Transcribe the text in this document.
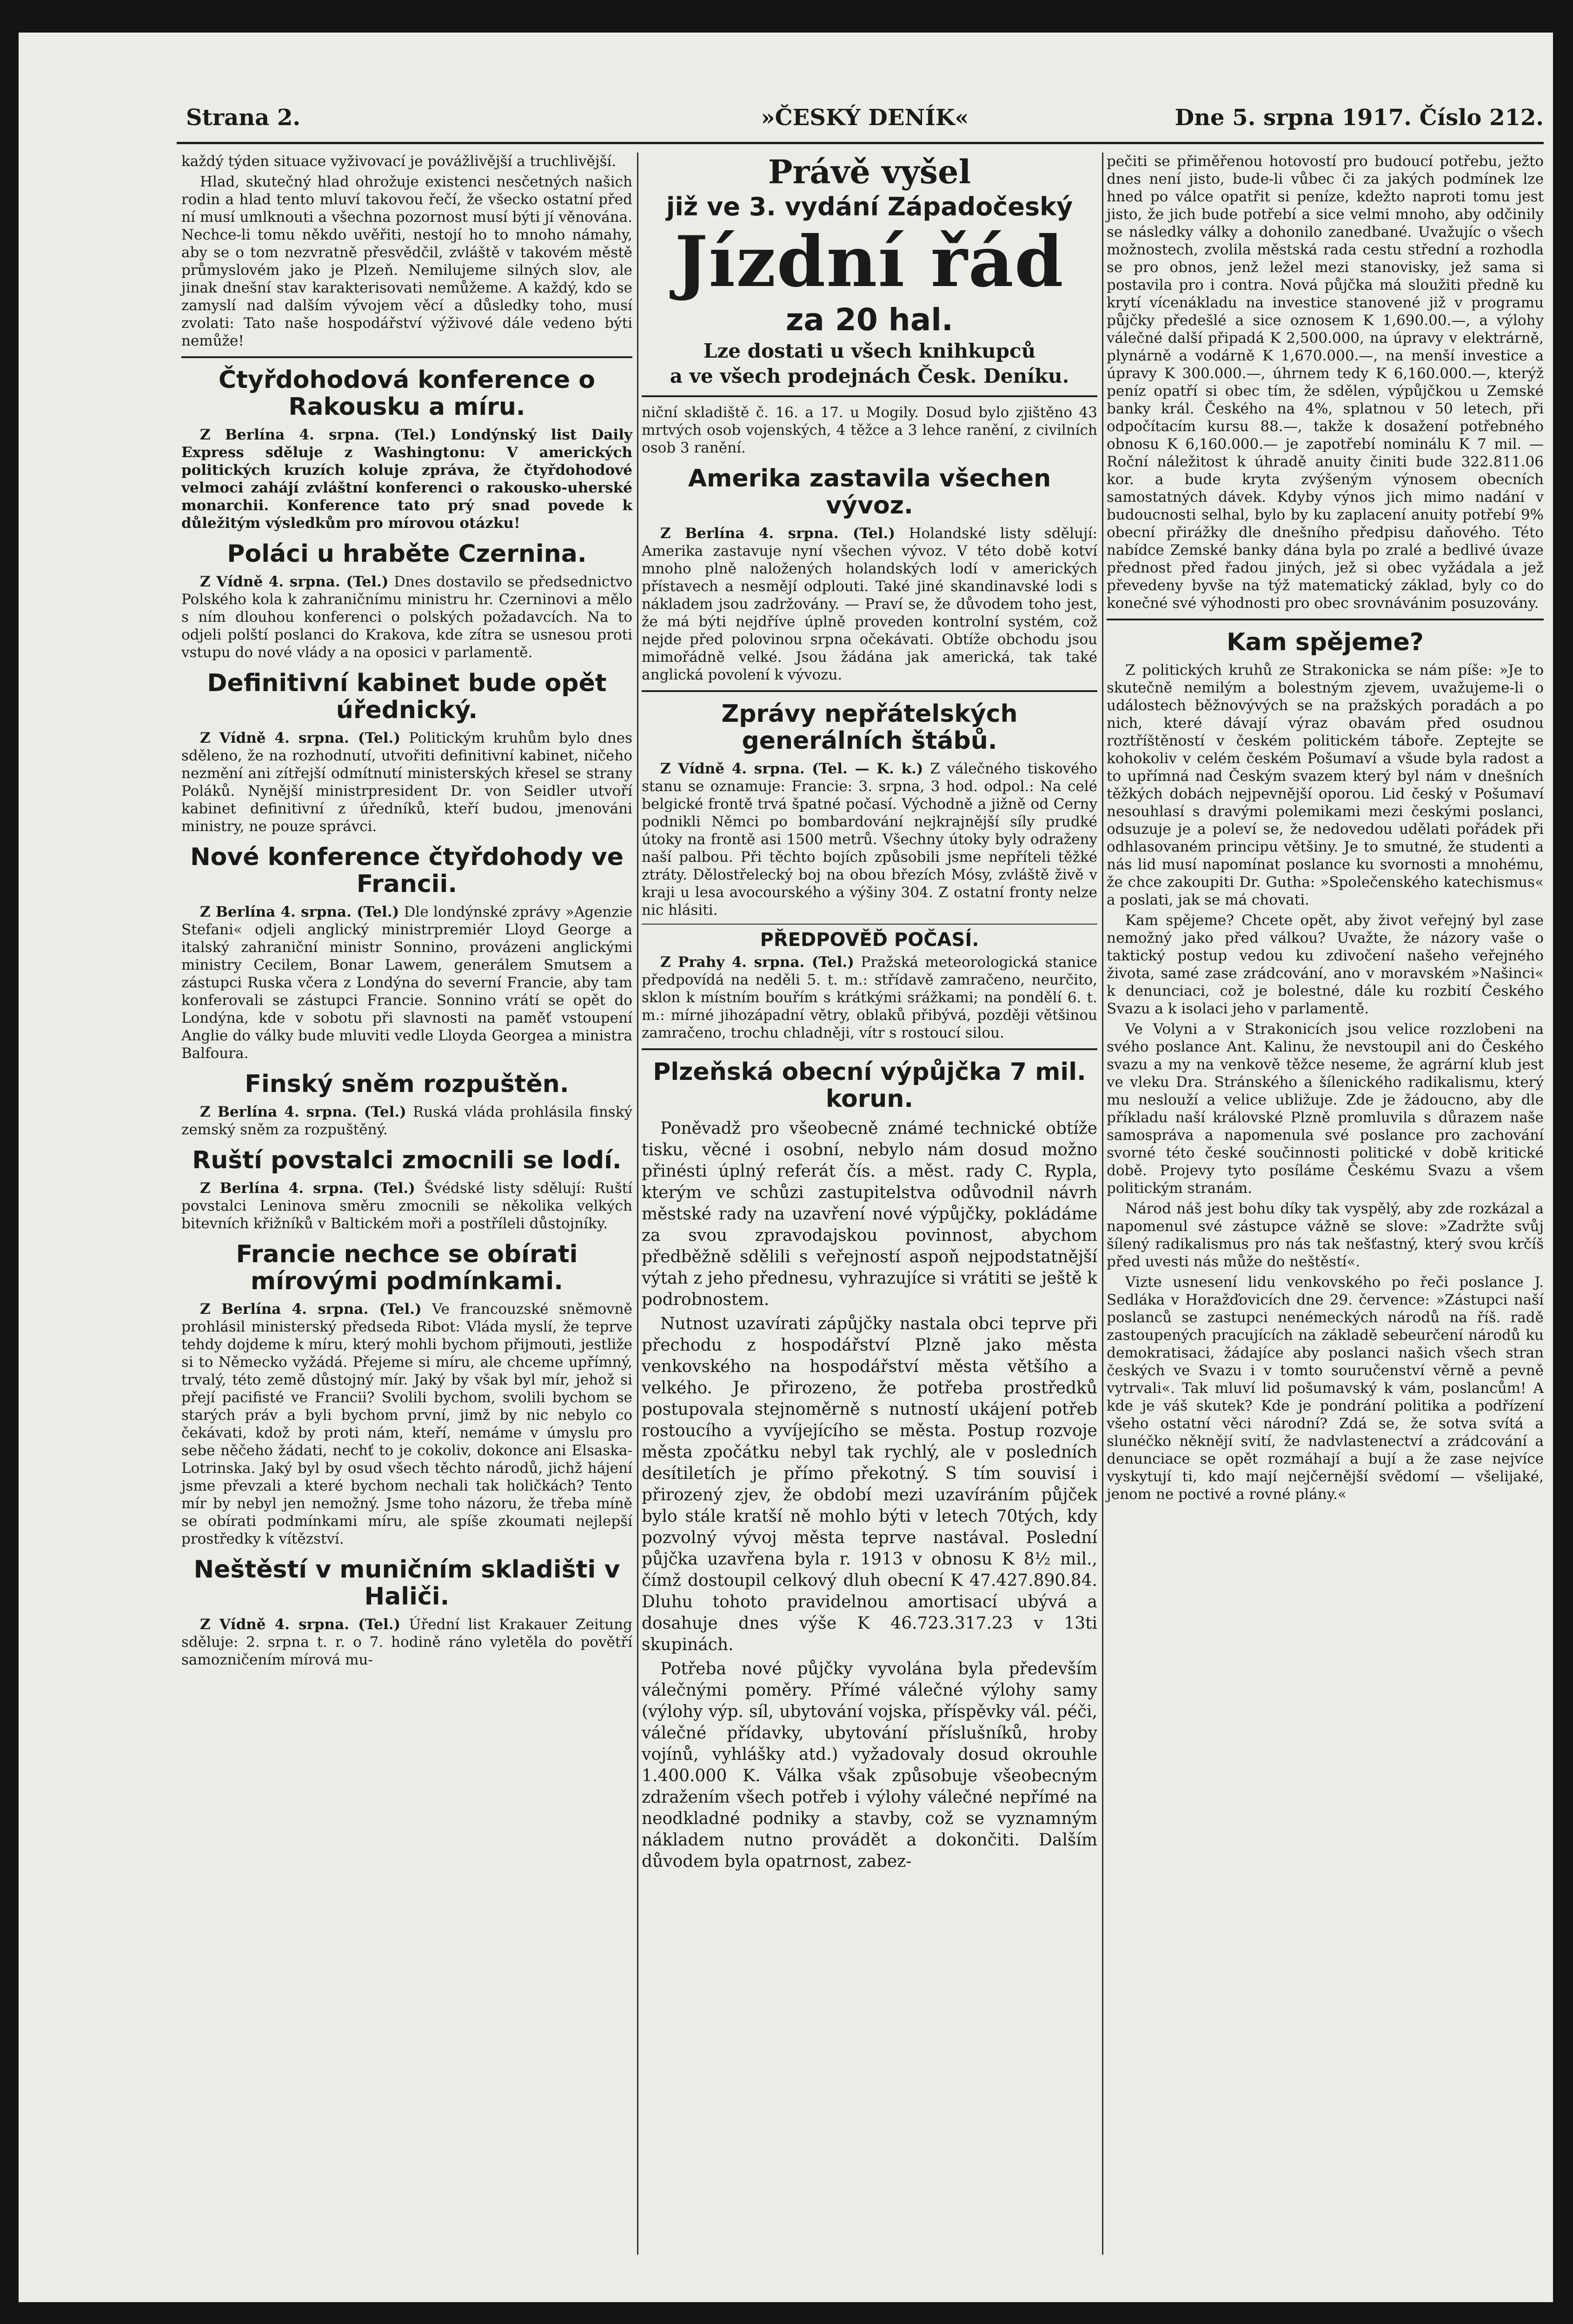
Strana 2.	»ČESKÝ DENÍK«	Dne 5. srpna 1917. Číslo 212.

každý týden situace vyživovací je povážlivější a truchlivější.

Hlad, skutečný hlad ohrožuje existenci nesčetných našich rodin a hlad tento mluví takovou řečí, že všecko ostatní před ní musí umlknouti a všechna pozornost musí býti jí věnována. Nechce-li tomu někdo uvěřiti, nestojí ho to mnoho námahy, aby se o tom nezvratně přesvědčil, zvláště v takovém městě průmyslovém jako je Plzeň. Nemilujeme silných slov, ale jinak dnešní stav karakterisovati nemůžeme. A každý, kdo se zamyslí nad dalším vývojem věcí a důsledky toho, musí zvolati: Tato naše hospodářství výživové dále vedeno býti nemůže!

Čtyřdohodová konference o Rakousku a míru.

Z Berlína 4. srpna. (Tel.) Londýnský list Daily Express sděluje z Washingtonu: V amerických politických kruzích koluje zpráva, že čtyřdohodové velmoci zahájí zvláštní konferenci o rakousko-uherské monarchii. Konference tato prý snad povede k důležitým výsledkům pro mírovou otázku!

Poláci u hraběte Czernina.

Z Vídně 4. srpna. (Tel.) Dnes dostavilo se předsednictvo Polského kola k zahraničnímu ministru hr. Czerninovi a mělo s ním dlouhou konferenci o polských požadavcích. Na to odjeli polští poslanci do Krakova, kde zítra se usnesou proti vstupu do nové vlády a na oposici v parlamentě.

Definitivní kabinet bude opět úřednický.

Z Vídně 4. srpna. (Tel.) Politickým kruhům bylo dnes sděleno, že na rozhodnutí, utvořiti definitivní kabinet, ničeho nezmění ani zítřejší odmítnutí ministerských křesel se strany Poláků. Nynější ministrpresident Dr. von Seidler utvoří kabinet definitivní z úředníků, kteří budou, jmenováni ministry, ne pouze správci.

Nové konference čtyřdohody ve Francii.

Z Berlína 4. srpna. (Tel.) Dle londýnské zprávy »Agenzie Stefani« odjeli anglický ministrpremiér Lloyd George a italský zahraniční ministr Sonnino, provázeni anglickými ministry Cecilem, Bonar Lawem, generálem Smutsem a zástupci Ruska včera z Londýna do severní Francie, aby tam konferovali se zástupci Francie. Sonnino vrátí se opět do Londýna, kde v sobotu při slavnosti na paměť vstoupení Anglie do války bude mluviti vedle Lloyda Georgea a ministra Balfoura.

Finský sněm rozpuštěn.

Z Berlína 4. srpna. (Tel.) Ruská vláda prohlásila finský zemský sněm za rozpuštěný.

Ruští povstalci zmocnili se lodí.

Z Berlína 4. srpna. (Tel.) Švédské listy sdělují: Ruští povstalci Leninova směru zmocnili se několika velkých bitevních křižníků v Baltickém moři a postříleli důstojníky.

Francie nechce se obírati mírovými podmínkami.

Z Berlína 4. srpna. (Tel.) Ve francouzské sněmovně prohlásil ministerský předseda Ribot: Vláda myslí, že teprve tehdy dojdeme k míru, který mohli bychom přijmouti, jestliže si to Německo vyžádá. Přejeme si míru, ale chceme upřímný, trvalý, této země důstojný mír. Jaký by však byl mír, jehož si přejí pacifisté ve Francii? Svolili bychom, svolili bychom se starých práv a byli bychom první, jimž by nic nebylo co čekávati, kdož by proti nám, kteří, nemáme v úmyslu pro sebe něčeho žádati, nechť to je cokoliv, dokonce ani Elsaska-Lotrinska. Jaký byl by osud všech těchto národů, jichž hájení jsme převzali a které bychom nechali tak holičkách? Tento mír by nebyl jen nemožný. Jsme toho názoru, že třeba míně se obírati podmínkami míru, ale spíše zkoumati nejlepší prostředky k vítězství.

Neštěstí v muničním skladišti v Haliči.

Z Vídně 4. srpna. (Tel.) Úřední list Krakauer Zeitung sděluje: 2. srpna t. r. o 7. hodině ráno vyletěla do povětří samozničením mírová mu-

Právě vyšel
již ve 3. vydání Západočeský
Jízdní řád
za 20 hal.
Lze dostati u všech knihkupců
a ve všech prodejnách Česk. Deníku.

niční skladiště č. 16. a 17. u Mogily. Dosud bylo zjištěno 43 mrtvých osob vojenských, 4 těžce a 3 lehce ranění, z civilních osob 3 ranění.

Amerika zastavila všechen vývoz.

Z Berlína 4. srpna. (Tel.) Holandské listy sdělují: Amerika zastavuje nyní všechen vývoz. V této době kotví mnoho plně naložených holandských lodí v amerických přístavech a nesmějí odplouti. Také jiné skandinavské lodi s nákladem jsou zadržovány. — Praví se, že důvodem toho jest, že má býti nejdříve úplně proveden kontrolní systém, což nejde před polovinou srpna očekávati. Obtíže obchodu jsou mimořádně velké. Jsou žádána jak americká, tak také anglická povolení k vývozu.

Zprávy nepřátelských generálních štábů.

Z Vídně 4. srpna. (Tel. — K. k.) Z válečného tiskového stanu se oznamuje: Francie: 3. srpna, 3 hod. odpol.: Na celé belgické frontě trvá špatné počasí. Východně a jižně od Cerny podnikli Němci po bombardování nejkrajnější síly prudké útoky na frontě asi 1500 metrů. Všechny útoky byly odraženy naší palbou. Při těchto bojích způsobili jsme nepříteli těžké ztráty. Dělostřelecký boj na obou březích Mósy, zvláště živě v kraji u lesa avocourského a výšiny 304. Z ostatní fronty nelze nic hlásiti.

PŘEDPOVĚĎ POČASÍ.

Z Prahy 4. srpna. (Tel.) Pražská meteorologická stanice předpovídá na neděli 5. t. m.: střídavě zamračeno, neurčito, sklon k místním bouřím s krátkými srážkami; na pondělí 6. t. m.: mírné jihozápadní větry, oblaků přibývá, později většinou zamračeno, trochu chladněji, vítr s rostoucí silou.

Plzeňská obecní výpůjčka 7 mil. korun.

Poněvadž pro všeobecně známé technické obtíže tisku, věcné i osobní, nebylo nám dosud možno přinésti úplný referát čís. a měst. rady C. Rypla, kterým ve schůzi zastupitelstva odůvodnil návrh městské rady na uzavření nové výpůjčky, pokládáme za svou zpravodajskou povinnost, abychom předběžně sdělili s veřejností aspoň nejpodstatnější výtah z jeho přednesu, vyhrazujíce si vrátiti se ještě k podrobnostem.

Nutnost uzavírati zápůjčky nastala obci teprve při přechodu z hospodářství Plzně jako města venkovského na hospodářství města většího a velkého. Je přirozeno, že potřeba prostředků postupovala stejnoměrně s nutností ukájení potřeb rostoucího a vyvíjejícího se města. Postup rozvoje města zpočátku nebyl tak rychlý, ale v posledních desítiletích je přímo překotný. S tím souvisí i přirozený zjev, že období mezi uzavíráním půjček bylo stále kratší ně mohlo býti v letech 70tých, kdy pozvolný vývoj města teprve nastával. Poslední půjčka uzavřena byla r. 1913 v obnosu K 8½ mil., čímž dostoupil celkový dluh obecní K 47.427.890.84. Dluhu tohoto pravidelnou amortisací ubývá a dosahuje dnes výše K 46.723.317.23 v 13ti skupinách.

Potřeba nové půjčky vyvolána byla především válečnými poměry. Přímé válečné výlohy samy (výlohy výp. síl, ubytování vojska, příspěvky vál. péči, válečné přídavky, ubytování příslušníků, hroby vojínů, vyhlášky atd.) vyžadovaly dosud okrouhle 1.400.000 K. Válka však způsobuje všeobecným zdražením všech potřeb i výlohy válečné nepřímé na neodkladné podniky a stavby, což se vyznamným nákladem nutno provádět a dokončiti. Dalším důvodem byla opatrnost, zabez-

pečiti se přiměřenou hotovostí pro budoucí potřebu, ježto dnes není jisto, bude-li vůbec či za jakých podmínek lze hned po válce opatřit si peníze, kdežto naproti tomu jest jisto, že jich bude potřebí a sice velmi mnoho, aby odčinily se následky války a dohonilo zanedbané. Uvažujíc o všech možnostech, zvolila městská rada cestu střední a rozhodla se pro obnos, jenž ležel mezi stanovisky, jež sama si postavila pro i contra. Nová půjčka má sloužiti předně ku krytí vícenákladu na investice stanovené již v programu půjčky předešlé a sice oznosem K 1,690.00.—, a výlohy válečné další připadá K 2,500.000, na úpravy v elektrárně, plynárně a vodárně K 1,670.000.—, na menší investice a úpravy K 300.000.—, úhrnem tedy K 6,160.000.—, kterýž peníz opatří si obec tím, že sdělen, výpůjčkou u Zemské banky král. Českého na 4%, splatnou v 50 letech, při odpočítacím kursu 88.—, takže k dosažení potřebného obnosu K 6,160.000.— je zapotřebí nominálu K 7 mil. — Roční náležitost k úhradě anuity činiti bude 322.811.06 kor. a bude kryta zvýšeným výnosem obecních samostatných dávek. Kdyby výnos jich mimo nadání v budoucnosti selhal, bylo by ku zaplacení anuity potřebí 9% obecní přirážky dle dnešního předpisu daňového. Této nabídce Zemské banky dána byla po zralé a bedlivé úvaze přednost před řadou jiných, jež si obec vyžádala a jež převedeny byvše na týž matematický základ, byly co do konečné své výhodnosti pro obec srovnávánim posuzovány.

Kam spějeme?

Z politických kruhů ze Strakonicka se nám píše: »Je to skutečně nemilým a bolestným zjevem, uvažujeme-li o událostech běžnovývých se na pražských poradách a po nich, které dávají výraz obavám před osudnou roztříštěností v českém politickém táboře. Zeptejte se kohokoliv v celém českém Pošumaví a všude byla radost a to upřímná nad Českým svazem který byl nám v dnešních těžkých dobách nejpevnější oporou. Lid český v Pošumaví nesouhlasí s dravými polemikami mezi českými poslanci, odsuzuje je a poleví se, že nedovedou udělati pořádek při odhlasovaném principu většiny. Je to smutné, že studenti a nás lid musí napomínat poslance ku svornosti a mnohému, že chce zakoupiti Dr. Gutha: »Společenského katechismus« a poslati, jak se má chovati.

Kam spějeme? Chcete opět, aby život veřejný byl zase nemožný jako před válkou? Uvažte, že názory vaše o taktický postup vedou ku zdivočení našeho veřejného života, samé zase zrádcování, ano v moravském »Našinci« k denunciaci, což je bolestné, dále ku rozbití Českého Svazu a k isolaci jeho v parlamentě.

Ve Volyni a v Strakonicích jsou velice rozzlobeni na svého poslance Ant. Kalinu, že nevstoupil ani do Českého svazu a my na venkově těžce neseme, že agrární klub jest ve vleku Dra. Stránského a šílenického radikalismu, který mu neslouží a velice ubližuje. Zde je žádoucno, aby dle příkladu naší královské Plzně promluvila s důrazem naše samospráva a napomenula své poslance pro zachování svorné této české součinnosti politické v době kritické době. Projevy tyto posíláme Českému Svazu a všem politickým stranám.

Národ náš jest bohu díky tak vyspělý, aby zde rozkázal a napomenul své zástupce vážně se slove: »Zadržte svůj šílený radikalismus pro nás tak nešťastný, který svou krčíš před uvesti nás může do neštěstí«.

Vizte usnesení lidu venkovského po řeči poslance J. Sedláka v Horažďovicích dne 29. července: »Zástupci naší poslanců se zastupci nenémeckých národů na říš. radě zastoupených pracujících na základě sebeurčení národů ku demokratisaci, žádajíce aby poslanci našich všech stran českých ve Svazu i v tomto souručenství věrně a pevně vytrvali«. Tak mluví lid pošumavský k vám, poslancům! A kde je váš skutek? Kde je pondrání politika a podřízení všeho ostatní věci národní? Zdá se, že sotva svítá a slunéčko něknějí svití, že nadvlastenectví a zrádcování a denunciace se opět rozmáhají a bují a že zase nejvíce vyskytují ti, kdo mají nejčernější svědomí — všelijaké, jenom ne poctivé a rovné plány.«
